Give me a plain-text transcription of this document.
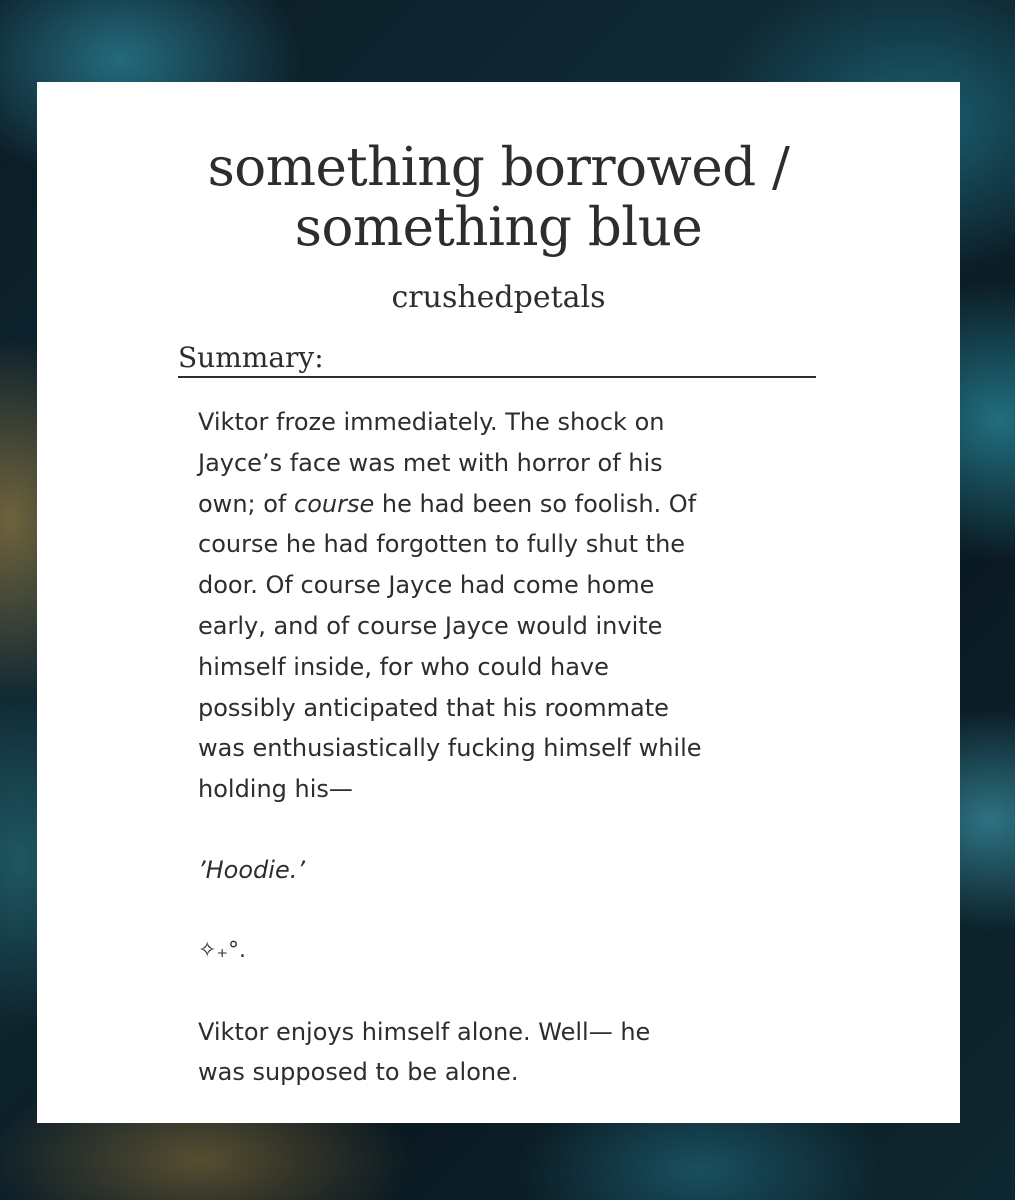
something borrowed /
something blue
crushedpetals
Summary:

Viktor froze immediately. The shock on
Jayce’s face was met with horror of his
own; of course he had been so foolish. Of
course he had forgotten to fully shut the
door. Of course Jayce had come home
early, and of course Jayce would invite
himself inside, for who could have
possibly anticipated that his roommate
was enthusiastically fucking himself while
holding his—

’Hoodie.’

✧₊°.

Viktor enjoys himself alone. Well— he
was supposed to be alone.
